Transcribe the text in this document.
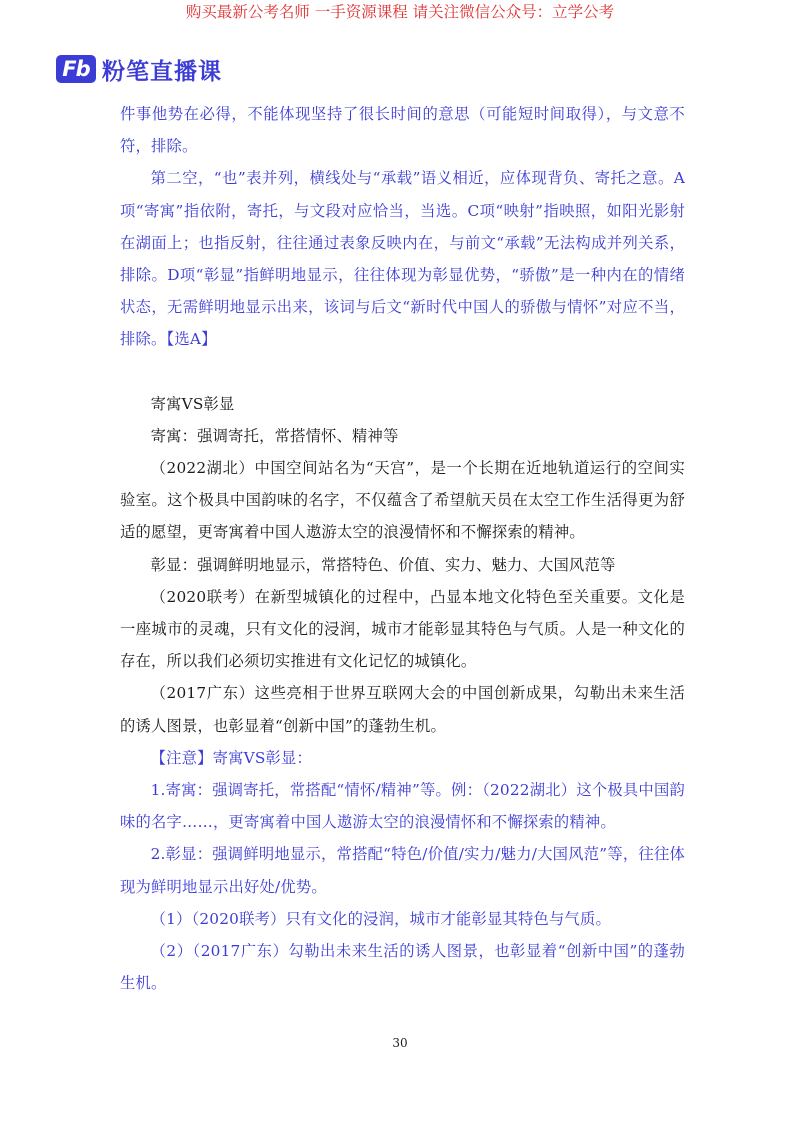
购买最新公考名师 一手资源课程 请关注微信公众号：立学公考
Fb 粉笔直播课

件事他势在必得，不能体现坚持了很长时间的意思（可能短时间取得），与文意不符，排除。

第二空，“也”表并列，横线处与“承载”语义相近，应体现背负、寄托之意。A项“寄寓”指依附，寄托，与文段对应恰当，当选。C项“映射”指映照，如阳光影射在湖面上；也指反射，往往通过表象反映内在，与前文“承载”无法构成并列关系，排除。D项“彰显”指鲜明地显示，往往体现为彰显优势，“骄傲”是一种内在的情绪状态，无需鲜明地显示出来，该词与后文“新时代中国人的骄傲与情怀”对应不当，排除。【选A】

寄寓VS彰显

寄寓：强调寄托，常搭情怀、精神等

（2022湖北）中国空间站名为“天宫”，是一个长期在近地轨道运行的空间实验室。这个极具中国韵味的名字，不仅蕴含了希望航天员在太空工作生活得更为舒适的愿望，更寄寓着中国人遨游太空的浪漫情怀和不懈探索的精神。

彰显：强调鲜明地显示，常搭特色、价值、实力、魅力、大国风范等

（2020联考）在新型城镇化的过程中，凸显本地文化特色至关重要。文化是一座城市的灵魂，只有文化的浸润，城市才能彰显其特色与气质。人是一种文化的存在，所以我们必须切实推进有文化记忆的城镇化。

（2017广东）这些亮相于世界互联网大会的中国创新成果，勾勒出未来生活的诱人图景，也彰显着“创新中国”的蓬勃生机。

【注意】寄寓VS彰显：

1.寄寓：强调寄托，常搭配“情怀/精神”等。例：（2022湖北）这个极具中国韵味的名字……，更寄寓着中国人遨游太空的浪漫情怀和不懈探索的精神。

2.彰显：强调鲜明地显示，常搭配“特色/价值/实力/魅力/大国风范”等，往往体现为鲜明地显示出好处/优势。

（1）（2020联考）只有文化的浸润，城市才能彰显其特色与气质。

（2）（2017广东）勾勒出未来生活的诱人图景，也彰显着“创新中国”的蓬勃生机。

30
